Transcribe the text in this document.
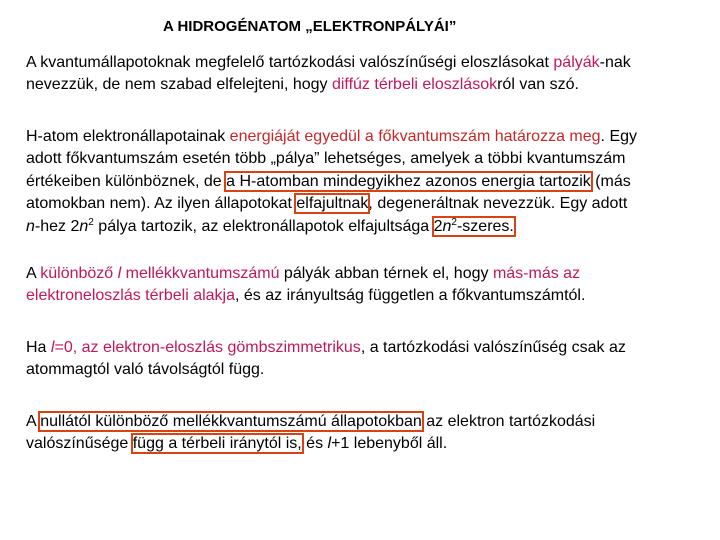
A HIDROGÉNATOM „ELEKTRONPÁLYÁI”
A kvantumállapotoknak megfelelő tartózkodási valószínűségi eloszlásokat pályák-nak
nevezzük, de nem szabad elfelejteni, hogy diffúz térbeli eloszlásokról van szó.
H-atom elektronállapotainak energiáját egyedül a főkvantumszám határozza meg. Egy
adott főkvantumszám esetén több „pálya” lehetséges, amelyek a többi kvantumszám
értékeiben különböznek, de a H-atomban mindegyikhez azonos energia tartozik (más
atomokban nem). Az ilyen állapotokat elfajultnak, degeneráltnak nevezzük. Egy adott
n-hez $2n^2$ pálya tartozik, az elektronállapotok elfajultsága $2n^2$-szeres.
A különböző l mellékkvantumszámú pályák abban térnek el, hogy más-más az
elektroneloszlás térbeli alakja, és az irányultság független a főkvantumszámtól.
Ha l=0, az elektron-eloszlás gömbszimmetrikus, a tartózkodási valószínűség csak az
atommagtól való távolságtól függ.
A nullától különböző mellékkvantumszámú állapotokban az elektron tartózkodási
valószínűsége függ a térbeli iránytól is, és l+1 lebenyből áll.
